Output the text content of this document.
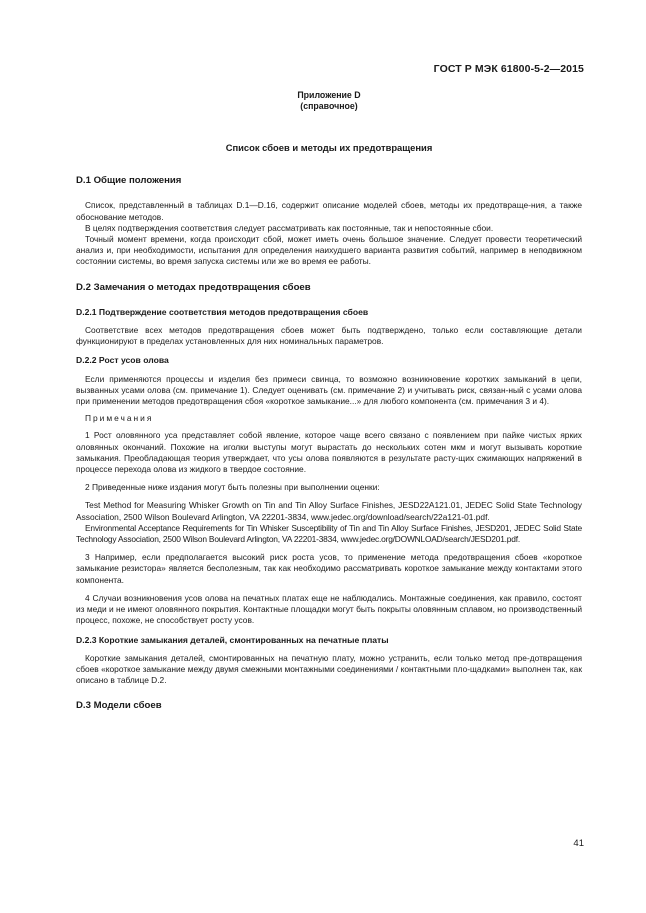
ГОСТ Р МЭК 61800-5-2—2015
Приложение D
(справочное)
Список сбоев и методы их предотвращения
D.1 Общие положения

Список, представленный в таблицах D.1—D.16, содержит описание моделей сбоев, методы их предотвраще-ния, а также обоснование методов.

В целях подтверждения соответствия следует рассматривать как постоянные, так и непостоянные сбои.

Точный момент времени, когда происходит сбой, может иметь очень большое значение. Следует провести теоретический анализ и, при необходимости, испытания для определения наихудшего варианта развития событий, например в неподвижном состоянии системы, во время запуска системы или же во время ее работы.

D.2 Замечания о методах предотвращения сбоев
D.2.1 Подтверждение соответствия методов предотвращения сбоев

Соответствие всех методов предотвращения сбоев может быть подтверждено, только если составляющие детали функционируют в пределах установленных для них номинальных параметров.

D.2.2 Рост усов олова

Если применяются процессы и изделия без примеси свинца, то возможно возникновение коротких замыканий в цепи, вызванных усами олова (см. примечание 1). Следует оценивать (см. примечание 2) и учитывать риск, связан-ный с усами олова при применении методов предотвращения сбоя «короткое замыкание...» для любого компонента (см. примечания 3 и 4).

Примечания

1 Рост оловянного уса представляет собой явление, которое чаще всего связано с появлением при пайке чистых ярких оловянных окончаний. Похожие на иголки выступы могут вырастать до нескольких сотен мкм и могут вызывать короткие замыкания. Преобладающая теория утверждает, что усы олова появляются в результате расту-щих сжимающих напряжений в процессе перехода олова из жидкого в твердое состояние.

2 Приведенные ниже издания могут быть полезны при выполнении оценки:

Test Method for Measuring Whisker Growth on Tin and Tin Alloy Surface Finishes, JESD22A121.01, JEDEC Solid State Technology Association, 2500 Wilson Boulevard Arlington, VA 22201-3834, www.jedec.org/download/search/22a121-01.pdf.

Environmental Acceptance Requirements for Tin Whisker Susceptibility of Tin and Tin Alloy Surface Finishes, JESD201, JEDEC Solid State Technology Association, 2500 Wilson Boulevard Arlington, VA 22201-3834, www.jedec.org/DOWNLOAD/search/JESD201.pdf.

3 Например, если предполагается высокий риск роста усов, то применение метода предотвращения сбоев «короткое замыкание резистора» является бесполезным, так как необходимо рассматривать короткое замыкание между контактами этого компонента.

4 Случаи возникновения усов олова на печатных платах еще не наблюдались. Монтажные соединения, как правило, состоят из меди и не имеют оловянного покрытия. Контактные площадки могут быть покрыты оловянным сплавом, но производственный процесс, похоже, не способствует росту усов.

D.2.3 Короткие замыкания деталей, смонтированных на печатные платы

Короткие замыкания деталей, смонтированных на печатную плату, можно устранить, если только метод пре-дотвращения сбоев «короткое замыкание между двумя смежными монтажными соединениями / контактными пло-щадками» выполнен так, как описано в таблице D.2.

D.3 Модели сбоев
41
